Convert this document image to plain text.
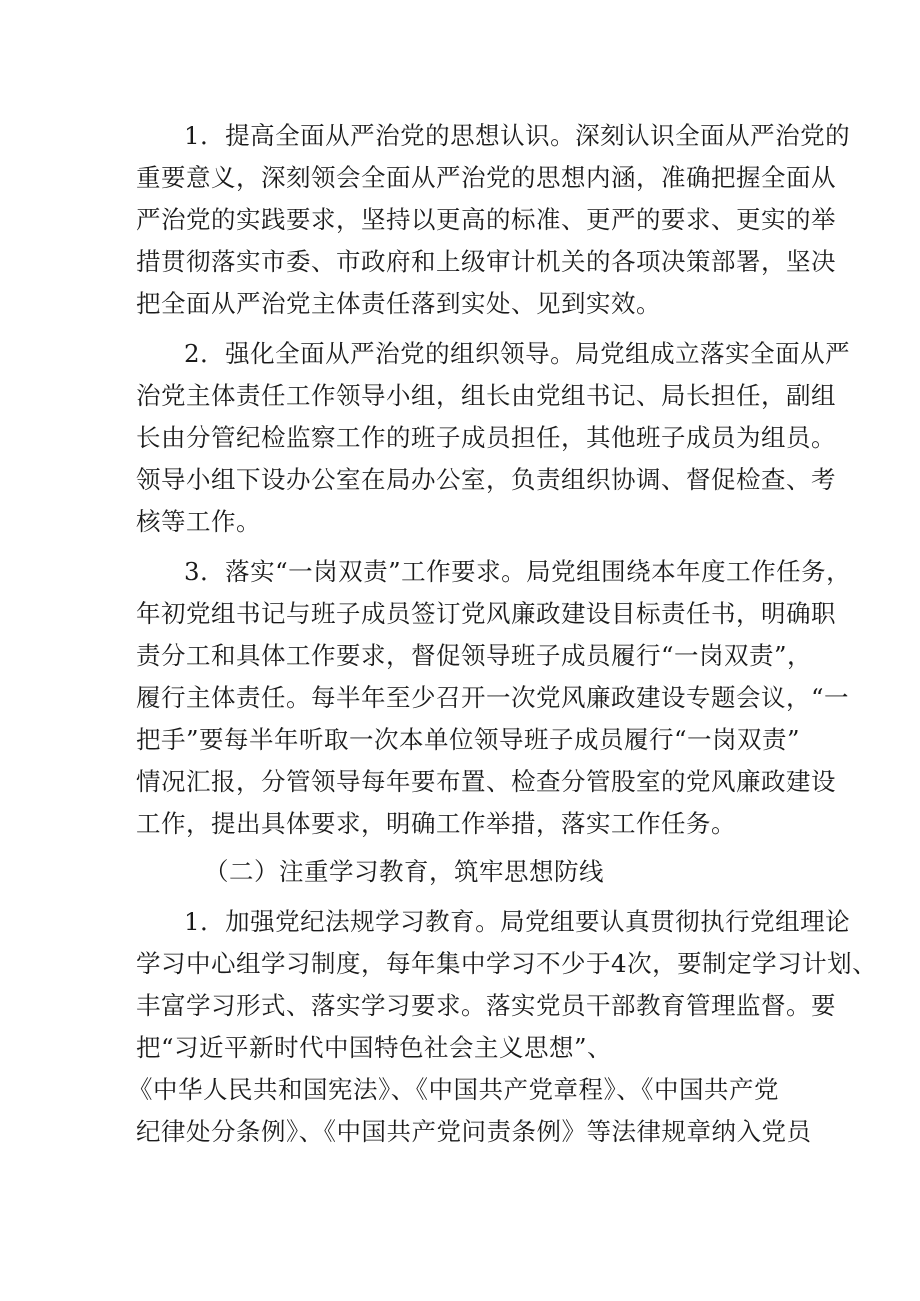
1．提高全面从严治党的思想认识。深刻认识全面从严治党的
重要意义，深刻领会全面从严治党的思想内涵，准确把握全面从
严治党的实践要求，坚持以更高的标准、更严的要求、更实的举
措贯彻落实市委、市政府和上级审计机关的各项决策部署，坚决
把全面从严治党主体责任落到实处、见到实效。
2．强化全面从严治党的组织领导。局党组成立落实全面从严
治党主体责任工作领导小组，组长由党组书记、局长担任，副组
长由分管纪检监察工作的班子成员担任，其他班子成员为组员。
领导小组下设办公室在局办公室，负责组织协调、督促检查、考
核等工作。
3．落实“一岗双责”工作要求。局党组围绕本年度工作任务，
年初党组书记与班子成员签订党风廉政建设目标责任书，明确职
责分工和具体工作要求，督促领导班子成员履行“一岗双责”，
履行主体责任。每半年至少召开一次党风廉政建设专题会议，“一
把手”要每半年听取一次本单位领导班子成员履行“一岗双责”
情况汇报，分管领导每年要布置、检查分管股室的党风廉政建设
工作，提出具体要求，明确工作举措，落实工作任务。
（二）注重学习教育，筑牢思想防线
1．加强党纪法规学习教育。局党组要认真贯彻执行党组理论
学习中心组学习制度，每年集中学习不少于4次，要制定学习计划、
丰富学习形式、落实学习要求。落实党员干部教育管理监督。要
把“习近平新时代中国特色社会主义思想”、
《中华人民共和国宪法》、《中国共产党章程》、《中国共产党
纪律处分条例》、《中国共产党问责条例》等法律规章纳入党员
